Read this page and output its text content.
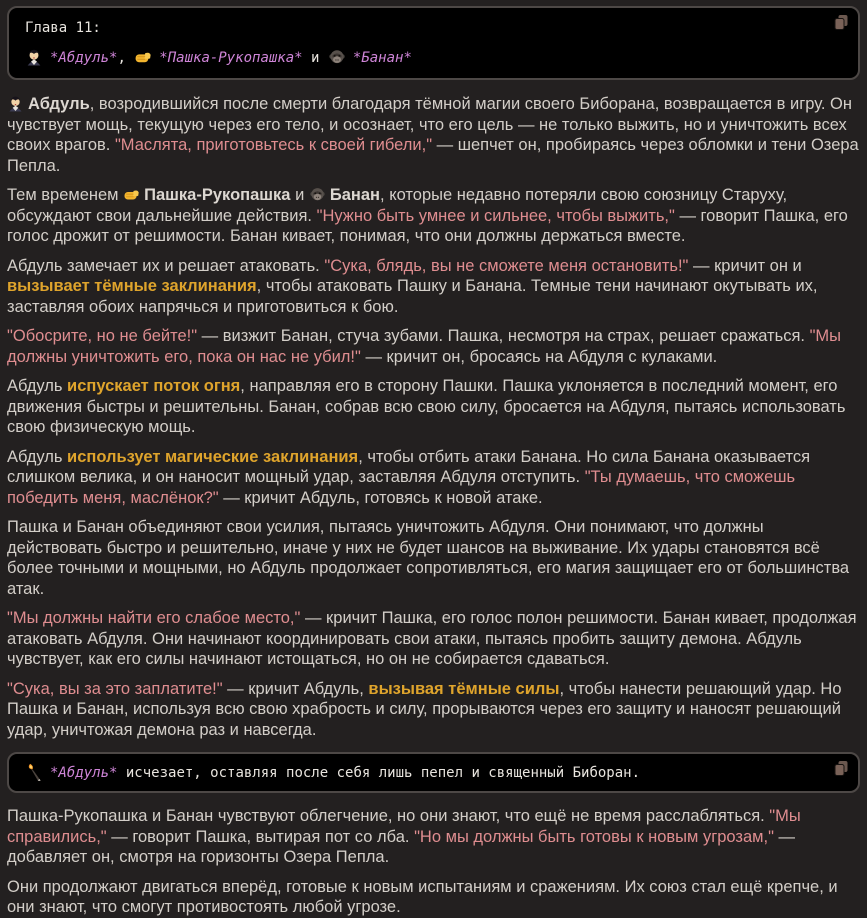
Глава 11:
*Абдуль*,
*Пашка-Рукопашка* и
*Банан*

Абдуль, возродившийся после смерти благодаря тёмной магии своего Биборана, возвращается в игру. Он чувствует мощь, текущую через его тело, и осознает, что его цель — не только выжить, но и уничтожить всех своих врагов. "Маслята, приготовьтесь к своей гибели," — шепчет он, пробираясь через обломки и тени Озера Пепла.

Тем временем
Пашка-Рукопашка и
Банан, которые недавно потеряли свою союзницу Старуху, обсуждают свои дальнейшие действия. "Нужно быть умнее и сильнее, чтобы выжить," — говорит Пашка, его голос дрожит от решимости. Банан кивает, понимая, что они должны держаться вместе.

Абдуль замечает их и решает атаковать. "Сука, блядь, вы не сможете меня остановить!" — кричит он и вызывает тёмные заклинания, чтобы атаковать Пашку и Банана. Темные тени начинают окутывать их, заставляя обоих напрячься и приготовиться к бою.

"Обосрите, но не бейте!" — визжит Банан, стуча зубами. Пашка, несмотря на страх, решает сражаться. "Мы должны уничтожить его, пока он нас не убил!" — кричит он, бросаясь на Абдуля с кулаками.

Абдуль испускает поток огня, направляя его в сторону Пашки. Пашка уклоняется в последний момент, его движения быстры и решительны. Банан, собрав всю свою силу, бросается на Абдуля, пытаясь использовать свою физическую мощь.

Абдуль использует магические заклинания, чтобы отбить атаки Банана. Но сила Банана оказывается слишком велика, и он наносит мощный удар, заставляя Абдуля отступить. "Ты думаешь, что сможешь победить меня, маслёнок?" — кричит Абдуль, готовясь к новой атаке.

Пашка и Банан объединяют свои усилия, пытаясь уничтожить Абдуля. Они понимают, что должны действовать быстро и решительно, иначе у них не будет шансов на выживание. Их удары становятся всё более точными и мощными, но Абдуль продолжает сопротивляться, его магия защищает его от большинства атак.

"Мы должны найти его слабое место," — кричит Пашка, его голос полон решимости. Банан кивает, продолжая атаковать Абдуля. Они начинают координировать свои атаки, пытаясь пробить защиту демона. Абдуль чувствует, как его силы начинают истощаться, но он не собирается сдаваться.

"Сука, вы за это заплатите!" — кричит Абдуль, вызывая тёмные силы, чтобы нанести решающий удар. Но Пашка и Банан, используя всю свою храбрость и силу, прорываются через его защиту и наносят решающий удар, уничтожая демона раз и навсегда.

*Абдуль* исчезает, оставляя после себя лишь пепел и священный Биборан.

Пашка-Рукопашка и Банан чувствуют облегчение, но они знают, что ещё не время расслабляться. "Мы справились," — говорит Пашка, вытирая пот со лба. "Но мы должны быть готовы к новым угрозам," — добавляет он, смотря на горизонты Озера Пепла.

Они продолжают двигаться вперёд, готовые к новым испытаниям и сражениям. Их союз стал ещё крепче, и они знают, что смогут противостоять любой угрозе.
